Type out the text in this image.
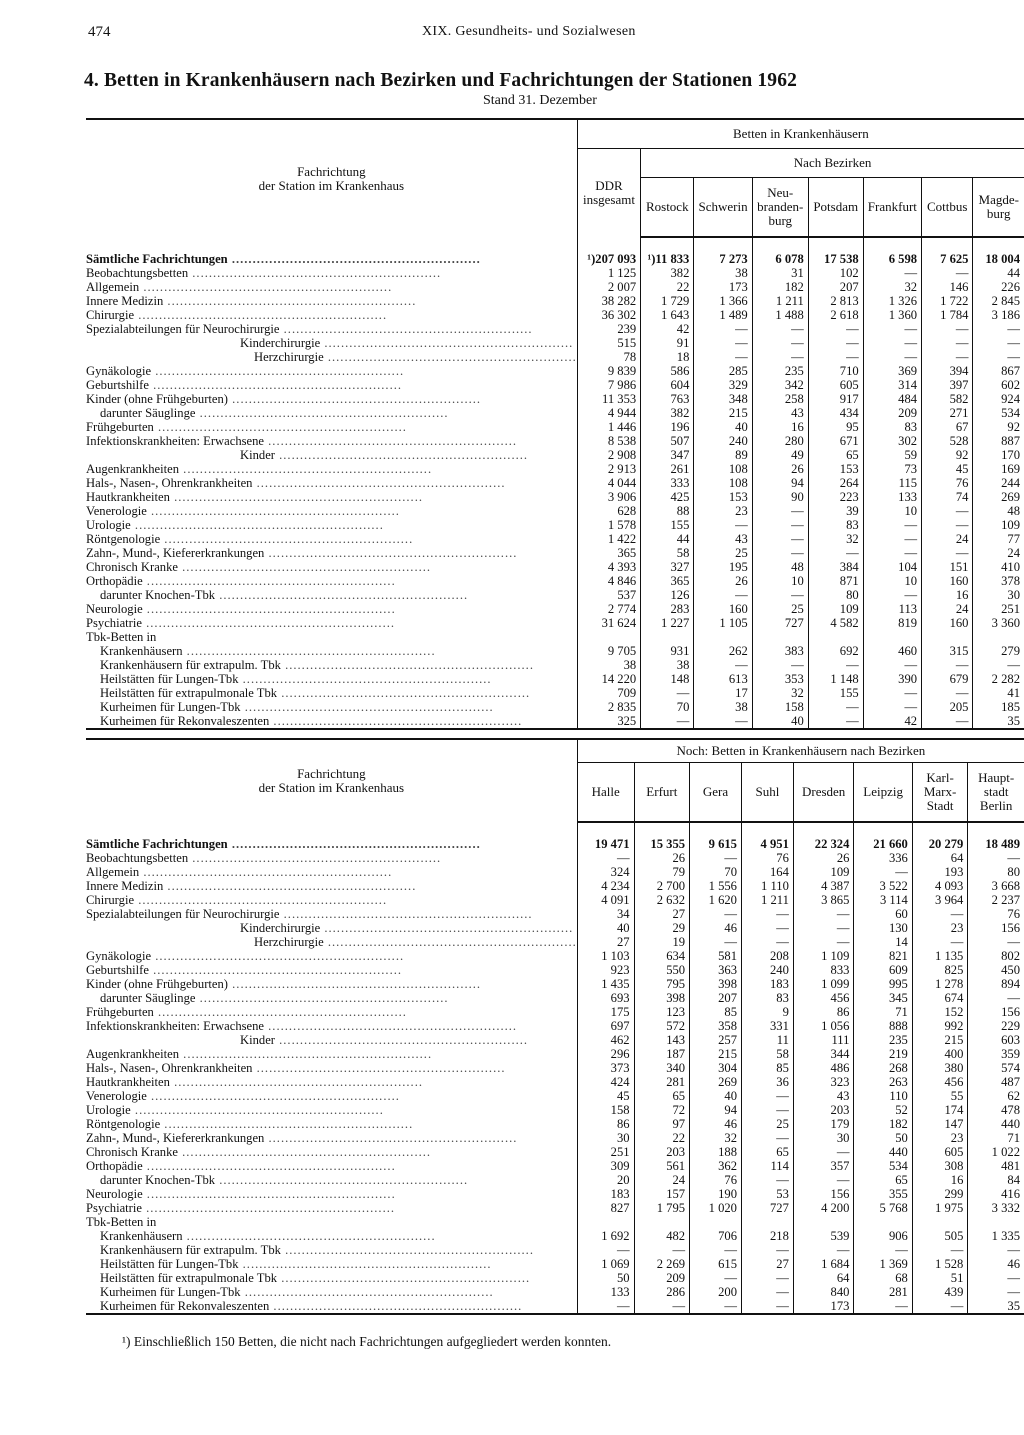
474	XIX. Gesundheits- und Sozialwesen
4. Betten in Krankenhäusern nach Bezirken und Fachrichtungen der Stationen 1962
Stand 31. Dezember
Fachrichtung
der Station im Krankenhaus	Betten in Krankenhäusern							
	DDR
insgesamt	Nach Bezirken						
		Rostock	Schwerin	Neu-
branden-
burg	Potsdam	Frankfurt	Cottbus	Magde-
burg

Sämtliche Fachrichtungen ............................................................	¹)207 093	¹)11 833	7 273	6 078	17 538	6 598	7 625	18 004
Beobachtungsbetten ............................................................	1 125	382	38	31	102	—	—	44
Allgemein ............................................................	2 007	22	173	182	207	32	146	226
Innere Medizin ............................................................	38 282	1 729	1 366	1 211	2 813	1 326	1 722	2 845
Chirurgie ............................................................	36 302	1 643	1 489	1 488	2 618	1 360	1 784	3 186
Spezialabteilungen für Neurochirurgie ............................................................	239	42	—	—	—	—	—	—
Kinderchirurgie ............................................................	515	91	—	—	—	—	—	—
Herzchirurgie ............................................................	78	18	—	—	—	—	—	—
Gynäkologie ............................................................	9 839	586	285	235	710	369	394	867
Geburtshilfe ............................................................	7 986	604	329	342	605	314	397	602
Kinder (ohne Frühgeburten) ............................................................	11 353	763	348	258	917	484	582	924
darunter Säuglinge ............................................................	4 944	382	215	43	434	209	271	534
Frühgeburten ............................................................	1 446	196	40	16	95	83	67	92
Infektionskrankheiten: Erwachsene ............................................................	8 538	507	240	280	671	302	528	887
Kinder ............................................................	2 908	347	89	49	65	59	92	170
Augenkrankheiten ............................................................	2 913	261	108	26	153	73	45	169
Hals-, Nasen-, Ohrenkrankheiten ............................................................	4 044	333	108	94	264	115	76	244
Hautkrankheiten ............................................................	3 906	425	153	90	223	133	74	269
Venerologie ............................................................	628	88	23	—	39	10	—	48
Urologie ............................................................	1 578	155	—	—	83	—	—	109
Röntgenologie ............................................................	1 422	44	43	—	32	—	24	77
Zahn-, Mund-, Kiefererkrankungen ............................................................	365	58	25	—	—	—	—	24
Chronisch Kranke ............................................................	4 393	327	195	48	384	104	151	410
Orthopädie ............................................................	4 846	365	26	10	871	10	160	378
darunter Knochen-Tbk ............................................................	537	126	—	—	80	—	16	30
Neurologie ............................................................	2 774	283	160	25	109	113	24	251
Psychiatrie ............................................................	31 624	1 227	1 105	727	4 582	819	160	3 360
Tbk-Betten in								
Krankenhäusern ............................................................	9 705	931	262	383	692	460	315	279
Krankenhäusern für extrapulm. Tbk ............................................................	38	38	—	—	—	—	—	—
Heilstätten für Lungen-Tbk ............................................................	14 220	148	613	353	1 148	390	679	2 282
Heilstätten für extrapulmonale Tbk ............................................................	709	—	17	32	155	—	—	41
Kurheimen für Lungen-Tbk ............................................................	2 835	70	38	158	—	—	205	185
Kurheimen für Rekonvaleszenten ............................................................	325	—	—	40	—	42	—	35
Fachrichtung
der Station im Krankenhaus	Noch: Betten in Krankenhäusern nach Bezirken							
	Halle	Erfurt	Gera	Suhl	Dresden	Leipzig	Karl-
Marx-
Stadt	Haupt-
stadt
Berlin

Sämtliche Fachrichtungen ............................................................	19 471	15 355	9 615	4 951	22 324	21 660	20 279	18 489
Beobachtungsbetten ............................................................	—	26	—	76	26	336	64	—
Allgemein ............................................................	324	79	70	164	109	—	193	80
Innere Medizin ............................................................	4 234	2 700	1 556	1 110	4 387	3 522	4 093	3 668
Chirurgie ............................................................	4 091	2 632	1 620	1 211	3 865	3 114	3 964	2 237
Spezialabteilungen für Neurochirurgie ............................................................	34	27	—	—	—	60	—	76
Kinderchirurgie ............................................................	40	29	46	—	—	130	23	156
Herzchirurgie ............................................................	27	19	—	—	—	14	—	—
Gynäkologie ............................................................	1 103	634	581	208	1 109	821	1 135	802
Geburtshilfe ............................................................	923	550	363	240	833	609	825	450
Kinder (ohne Frühgeburten) ............................................................	1 435	795	398	183	1 099	995	1 278	894
darunter Säuglinge ............................................................	693	398	207	83	456	345	674	—
Frühgeburten ............................................................	175	123	85	9	86	71	152	156
Infektionskrankheiten: Erwachsene ............................................................	697	572	358	331	1 056	888	992	229
Kinder ............................................................	462	143	257	11	111	235	215	603
Augenkrankheiten ............................................................	296	187	215	58	344	219	400	359
Hals-, Nasen-, Ohrenkrankheiten ............................................................	373	340	304	85	486	268	380	574
Hautkrankheiten ............................................................	424	281	269	36	323	263	456	487
Venerologie ............................................................	45	65	40	—	43	110	55	62
Urologie ............................................................	158	72	94	—	203	52	174	478
Röntgenologie ............................................................	86	97	46	25	179	182	147	440
Zahn-, Mund-, Kiefererkrankungen ............................................................	30	22	32	—	30	50	23	71
Chronisch Kranke ............................................................	251	203	188	65	—	440	605	1 022
Orthopädie ............................................................	309	561	362	114	357	534	308	481
darunter Knochen-Tbk ............................................................	20	24	76	—	—	65	16	84
Neurologie ............................................................	183	157	190	53	156	355	299	416
Psychiatrie ............................................................	827	1 795	1 020	727	4 200	5 768	1 975	3 332
Tbk-Betten in								
Krankenhäusern ............................................................	1 692	482	706	218	539	906	505	1 335
Krankenhäusern für extrapulm. Tbk ............................................................	—	—	—	—	—	—	—	—
Heilstätten für Lungen-Tbk ............................................................	1 069	2 269	615	27	1 684	1 369	1 528	46
Heilstätten für extrapulmonale Tbk ............................................................	50	209	—	—	64	68	51	—
Kurheimen für Lungen-Tbk ............................................................	133	286	200	—	840	281	439	—
Kurheimen für Rekonvaleszenten ............................................................	—	—	—	—	173	—	—	35
¹) Einschließlich 150 Betten, die nicht nach Fachrichtungen aufgegliedert werden konnten.
